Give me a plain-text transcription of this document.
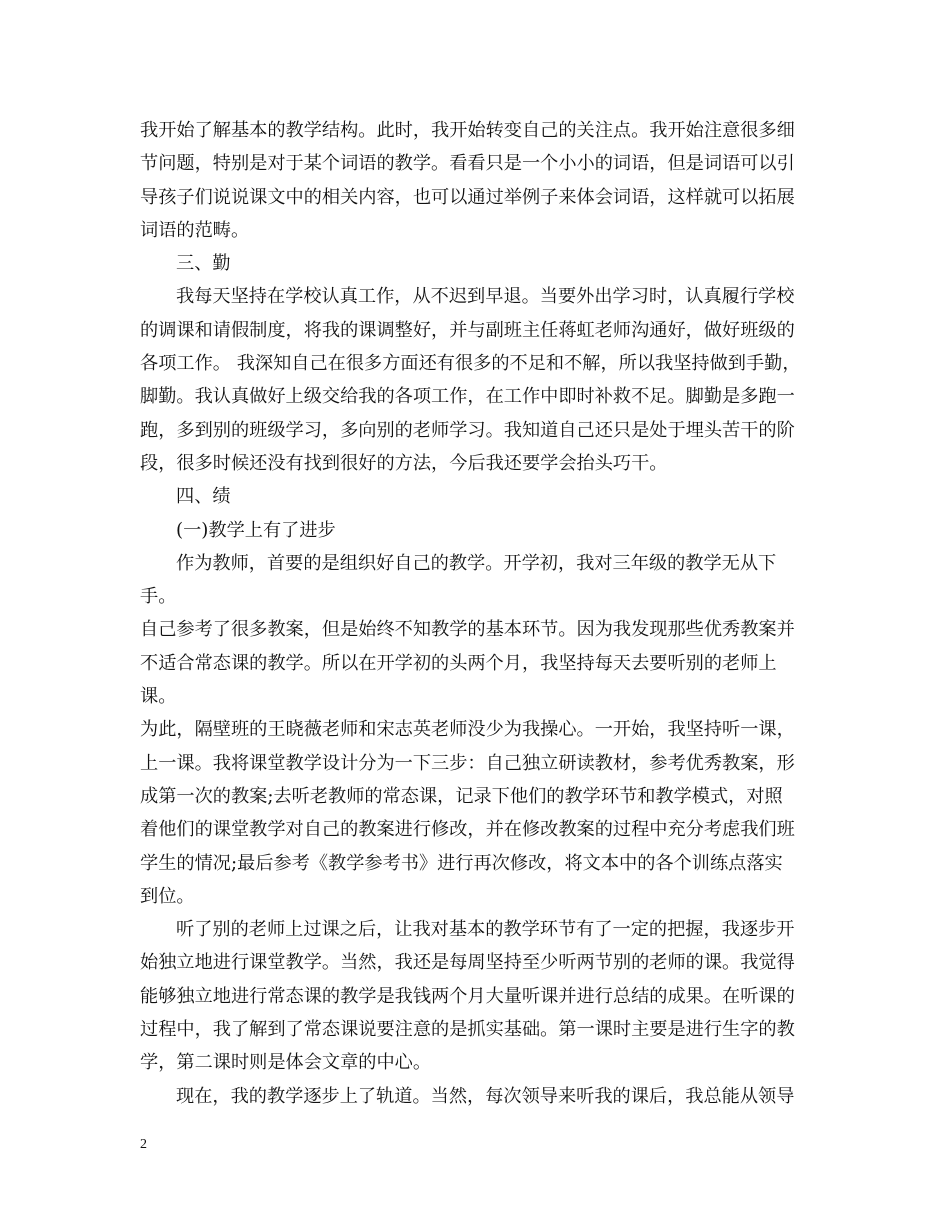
我开始了解基本的教学结构。此时，我开始转变自己的关注点。我开始注意很多细

节问题，特别是对于某个词语的教学。看看只是一个小小的词语，但是词语可以引

导孩子们说说课文中的相关内容，也可以通过举例子来体会词语，这样就可以拓展

词语的范畴。

三、勤

我每天坚持在学校认真工作，从不迟到早退。当要外出学习时，认真履行学校

的调课和请假制度，将我的课调整好，并与副班主任蒋虹老师沟通好，做好班级的

各项工作。 我深知自己在很多方面还有很多的不足和不解，所以我坚持做到手勤，

脚勤。我认真做好上级交给我的各项工作，在工作中即时补救不足。脚勤是多跑一

跑，多到别的班级学习，多向别的老师学习。我知道自己还只是处于埋头苦干的阶

段，很多时候还没有找到很好的方法，今后我还要学会抬头巧干。

四、绩

(一)教学上有了进步

作为教师，首要的是组织好自己的教学。开学初，我对三年级的教学无从下手。

自己参考了很多教案，但是始终不知教学的基本环节。因为我发现那些优秀教案并

不适合常态课的教学。所以在开学初的头两个月，我坚持每天去要听别的老师上课。

为此，隔壁班的王晓薇老师和宋志英老师没少为我操心。一开始，我坚持听一课，

上一课。我将课堂教学设计分为一下三步：自己独立研读教材，参考优秀教案，形

成第一次的教案;去听老教师的常态课，记录下他们的教学环节和教学模式，对照

着他们的课堂教学对自己的教案进行修改，并在修改教案的过程中充分考虑我们班

学生的情况;最后参考《教学参考书》进行再次修改，将文本中的各个训练点落实

到位。

听了别的老师上过课之后，让我对基本的教学环节有了一定的把握，我逐步开

始独立地进行课堂教学。当然，我还是每周坚持至少听两节别的老师的课。我觉得

能够独立地进行常态课的教学是我钱两个月大量听课并进行总结的成果。在听课的

过程中，我了解到了常态课说要注意的是抓实基础。第一课时主要是进行生字的教

学，第二课时则是体会文章的中心。

现在，我的教学逐步上了轨道。当然，每次领导来听我的课后，我总能从领导

2
